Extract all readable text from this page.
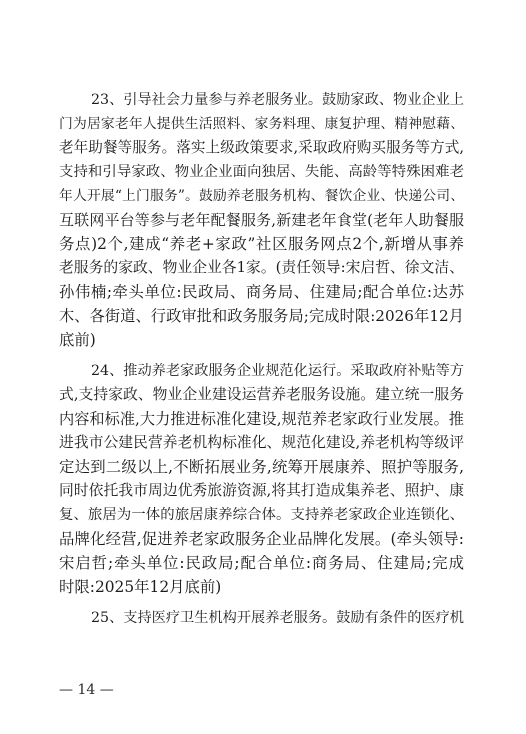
23、引导社会力量参与养老服务业。鼓励家政、物业企业上
门为居家老年人提供生活照料、家务料理、康复护理、精神慰藉、
老年助餐等服务。落实上级政策要求,采取政府购买服务等方式,
支持和引导家政、物业企业面向独居、失能、高龄等特殊困难老
年人开展“上门服务”。鼓励养老服务机构、餐饮企业、快递公司、
互联网平台等参与老年配餐服务,新建老年食堂(老年人助餐服
务点)2个,建成“养老+家政”社区服务网点2个,新增从事养
老服务的家政、物业企业各1家。(责任领导:宋启哲、徐文洁、
孙伟楠;牵头单位:民政局、商务局、住建局;配合单位:达苏
木、各街道、行政审批和政务服务局;完成时限:2026年12月
底前)
24、推动养老家政服务企业规范化运行。采取政府补贴等方
式,支持家政、物业企业建设运营养老服务设施。建立统一服务
内容和标准,大力推进标准化建设,规范养老家政行业发展。推
进我市公建民营养老机构标准化、规范化建设,养老机构等级评
定达到二级以上,不断拓展业务,统筹开展康养、照护等服务,
同时依托我市周边优秀旅游资源,将其打造成集养老、照护、康
复、旅居为一体的旅居康养综合体。支持养老家政企业连锁化、
品牌化经营,促进养老家政服务企业品牌化发展。(牵头领导:
宋启哲;牵头单位:民政局;配合单位:商务局、住建局;完成
时限:2025年12月底前)
25、支持医疗卫生机构开展养老服务。鼓励有条件的医疗机
— 14 —
